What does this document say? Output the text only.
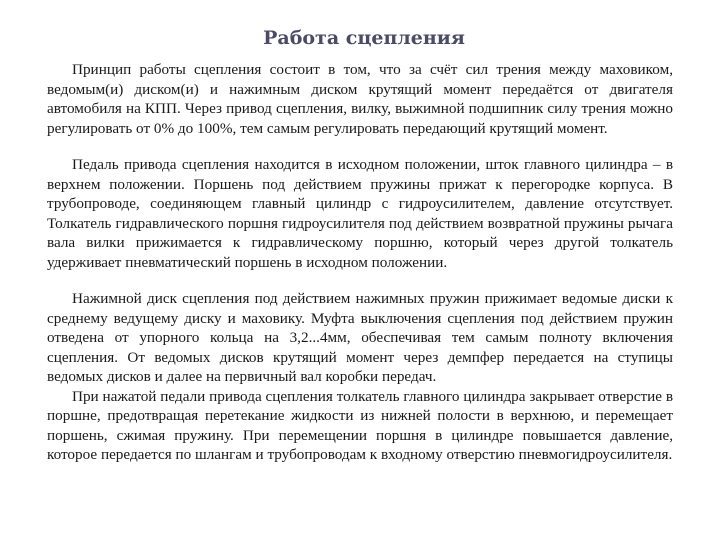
Работа сцепления

Принцип работы сцепления состоит в том, что за счёт сил трения между маховиком, ведомым(и) диском(и) и нажимным диском крутящий момент передаётся от двигателя автомобиля на КПП. Через привод сцепления, вилку, выжимной подшипник силу трения можно регулировать от 0% до 100%, тем самым регулировать передающий крутящий момент.

Педаль привода сцепления находится в исходном положении, шток главного цилиндра – в верхнем положении. Поршень под действием пружины прижат к перегородке корпуса. В трубопроводе, соединяющем главный цилиндр с гидроусилителем, давление отсутствует. Толкатель гидравлического поршня гидроусилителя под действием возвратной пружины рычага вала вилки прижимается к гидравлическому поршню, который через другой толкатель удерживает пневматический поршень в исходном положении.

Нажимной диск сцепления под действием нажимных пружин прижимает ведомые диски к среднему ведущему диску и маховику. Муфта выключения сцепления под действием пружин отведена от упорного кольца на 3,2...4мм, обеспечивая тем самым полноту включения сцепления. От ведомых дисков крутящий момент через демпфер передается на ступицы ведомых дисков и далее на первичный вал коробки передач.

При нажатой педали привода сцепления толкатель главного цилиндра закрывает отверстие в поршне, предотвращая перетекание жидкости из нижней полости в верхнюю, и перемещает поршень, сжимая пружину. При перемещении поршня в цилиндре повышается давление, которое передается по шлангам и трубопроводам к входному отверстию пневмогидроусилителя.
